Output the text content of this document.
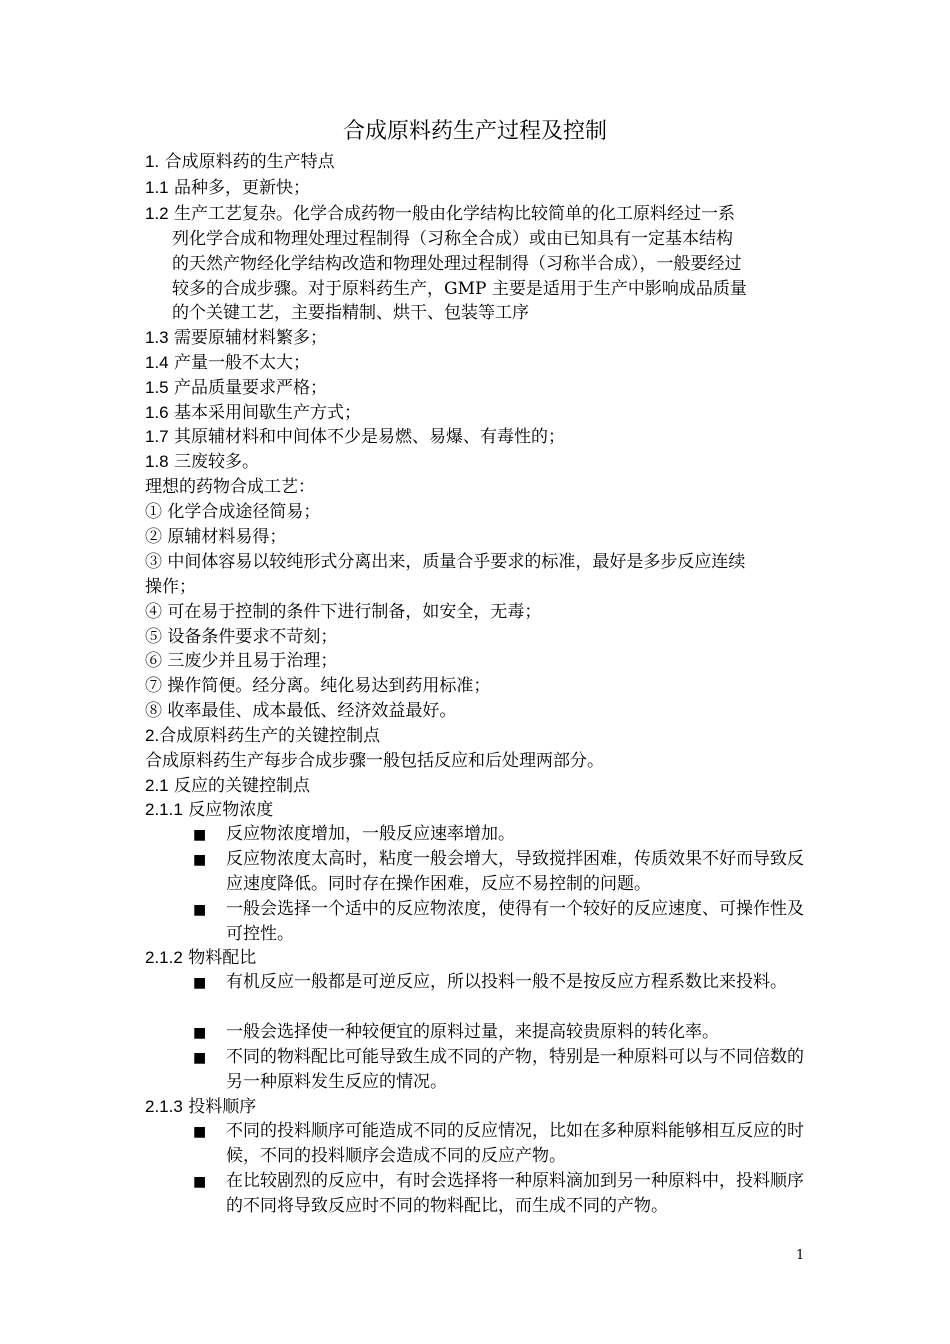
合成原料药生产过程及控制
1. 合成原料药的生产特点
1.1 品种多，更新快；
1.2 生产工艺复杂。化学合成药物一般由化学结构比较简单的化工原料经过一系
列化学合成和物理处理过程制得（习称全合成）或由已知具有一定基本结构
的天然产物经化学结构改造和物理处理过程制得（习称半合成），一般要经过
较多的合成步骤。对于原料药生产，GMP 主要是适用于生产中影响成品质量
的个关键工艺，主要指精制、烘干、包装等工序
1.3 需要原辅材料繁多；
1.4 产量一般不太大；
1.5 产品质量要求严格；
1.6 基本采用间歇生产方式；
1.7 其原辅材料和中间体不少是易燃、易爆、有毒性的；
1.8 三废较多。
理想的药物合成工艺：
① 化学合成途径简易；
② 原辅材料易得；
③ 中间体容易以较纯形式分离出来，质量合乎要求的标准，最好是多步反应连续
操作；
④ 可在易于控制的条件下进行制备，如安全，无毒；
⑤ 设备条件要求不苛刻；
⑥ 三废少并且易于治理；
⑦ 操作简便。经分离。纯化易达到药用标准；
⑧ 收率最佳、成本最低、经济效益最好。
2.合成原料药生产的关键控制点
合成原料药生产每步合成步骤一般包括反应和后处理两部分。
2.1 反应的关键控制点
2.1.1 反应物浓度
■ 反应物浓度增加，一般反应速率增加。
■ 反应物浓度太高时，粘度一般会增大，导致搅拌困难，传质效果不好而导致反应速度降低。同时存在操作困难，反应不易控制的问题。
■ 一般会选择一个适中的反应物浓度，使得有一个较好的反应速度、可操作性及可控性。
2.1.2 物料配比
■ 有机反应一般都是可逆反应，所以投料一般不是按反应方程系数比来投料。
■ 一般会选择使一种较便宜的原料过量，来提高较贵原料的转化率。
■ 不同的物料配比可能导致生成不同的产物，特别是一种原料可以与不同倍数的另一种原料发生反应的情况。
2.1.3 投料顺序
■ 不同的投料顺序可能造成不同的反应情况，比如在多种原料能够相互反应的时候，不同的投料顺序会造成不同的反应产物。
■ 在比较剧烈的反应中，有时会选择将一种原料滴加到另一种原料中，投料顺序的不同将导致反应时不同的物料配比，而生成不同的产物。
1
